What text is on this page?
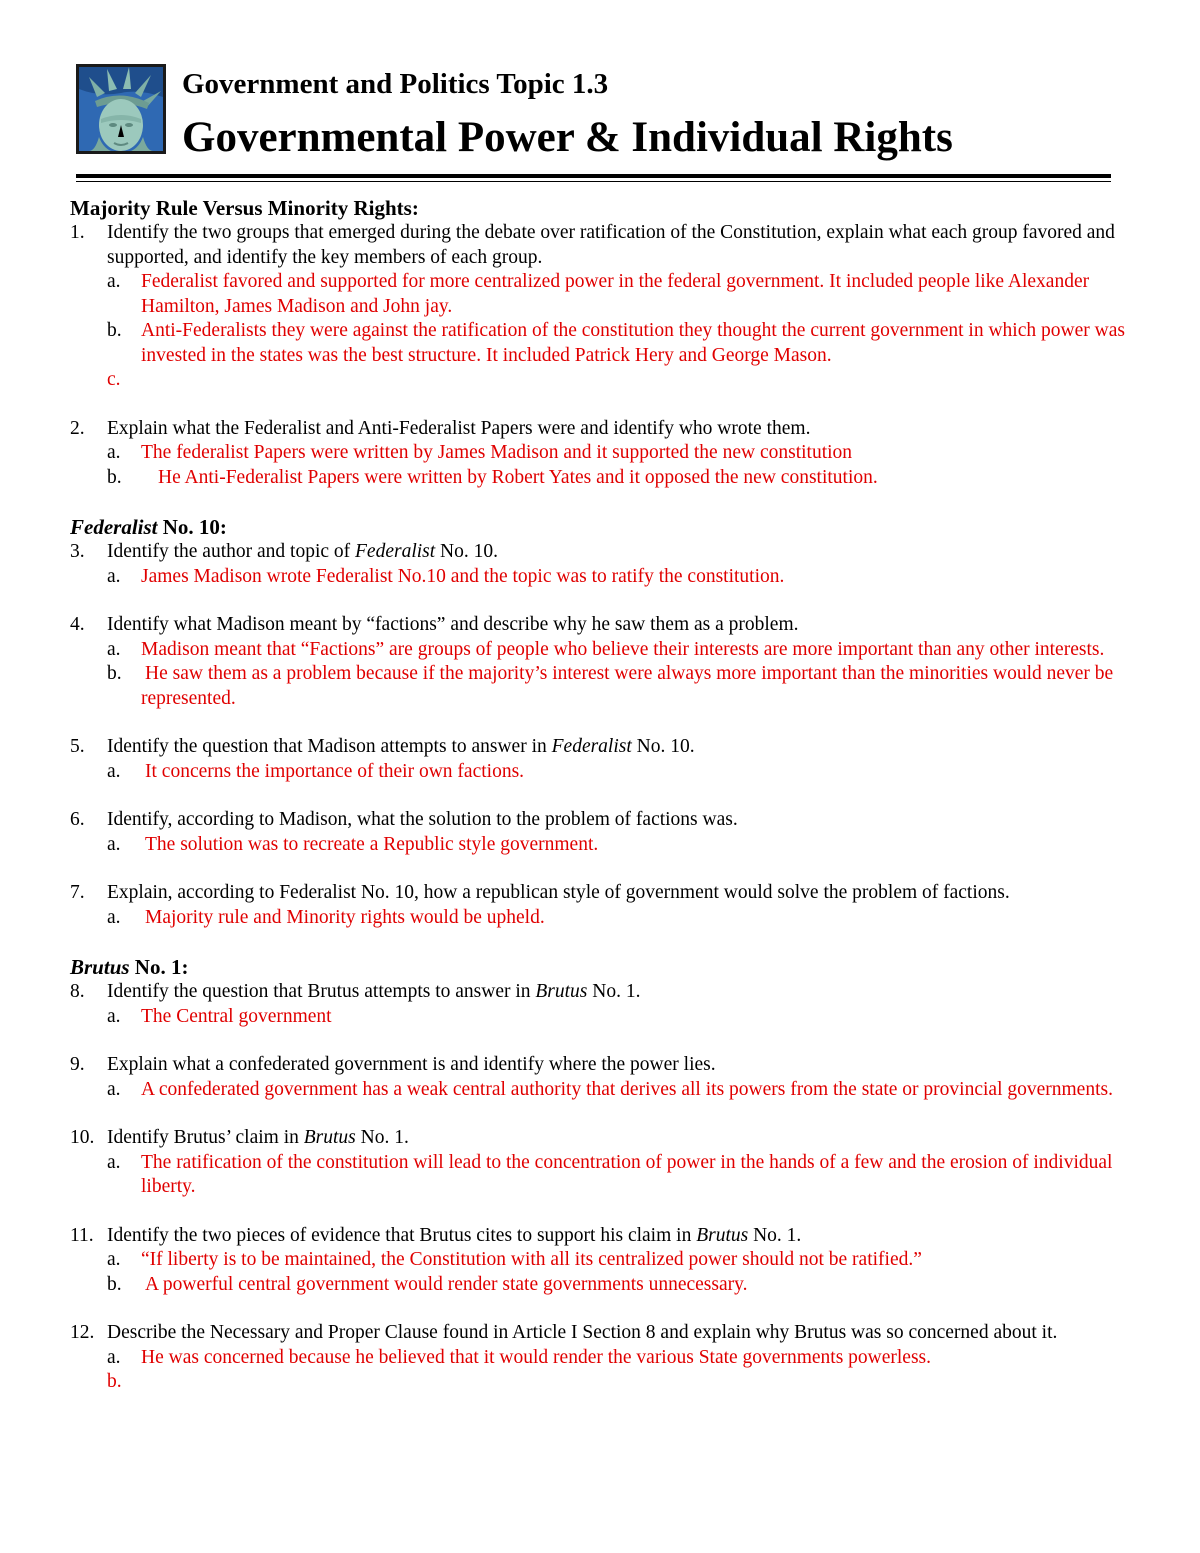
Government and Politics Topic 1.3
Governmental Power & Individual Rights

Majority Rule Versus Minority Rights:

1. Identify the two groups that emerged during the debate over ratification of the Constitution, explain what each group favored and supported, and identify the key members of each group.
a. Federalist favored and supported for more centralized power in the federal government. It included people like Alexander Hamilton, James Madison and John jay.
b. Anti-Federalists they were against the ratification of the constitution they thought the current government in which power was invested in the states was the best structure. It included Patrick Hery and George Mason.
c.
2. Explain what the Federalist and Anti-Federalist Papers were and identify who wrote them.
a. The federalist Papers were written by James Madison and it supported the new constitution
b.	He Anti-Federalist Papers were written by Robert Yates and it opposed the new constitution.

Federalist No. 10:

3. Identify the author and topic of Federalist No. 10.
a. James Madison wrote Federalist No.10 and the topic was to ratify the constitution.
4. Identify what Madison meant by “factions” and describe why he saw them as a problem.
a. Madison meant that “Factions” are groups of people who believe their interests are more important than any other interests.
b. He saw them as a problem because if the majority’s interest were always more important than the minorities would never be represented.
5. Identify the question that Madison attempts to answer in Federalist No. 10.
a. It concerns the importance of their own factions.
6. Identify, according to Madison, what the solution to the problem of factions was.
a. The solution was to recreate a Republic style government.
7. Explain, according to Federalist No. 10, how a republican style of government would solve the problem of factions.
a. Majority rule and Minority rights would be upheld.

Brutus No. 1:

8. Identify the question that Brutus attempts to answer in Brutus No. 1.
a. The Central government
9. Explain what a confederated government is and identify where the power lies.
a. A confederated government has a weak central authority that derives all its powers from the state or provincial governments.
10. Identify Brutus’ claim in Brutus No. 1.
a. The ratification of the constitution will lead to the concentration of power in the hands of a few and the erosion of individual liberty.
11. Identify the two pieces of evidence that Brutus cites to support his claim in Brutus No. 1.
a. “If liberty is to be maintained, the Constitution with all its centralized power should not be ratified.”
b. A powerful central government would render state governments unnecessary.
12. Describe the Necessary and Proper Clause found in Article I Section 8 and explain why Brutus was so concerned about it.
a. He was concerned because he believed that it would render the various State governments powerless.
b.
